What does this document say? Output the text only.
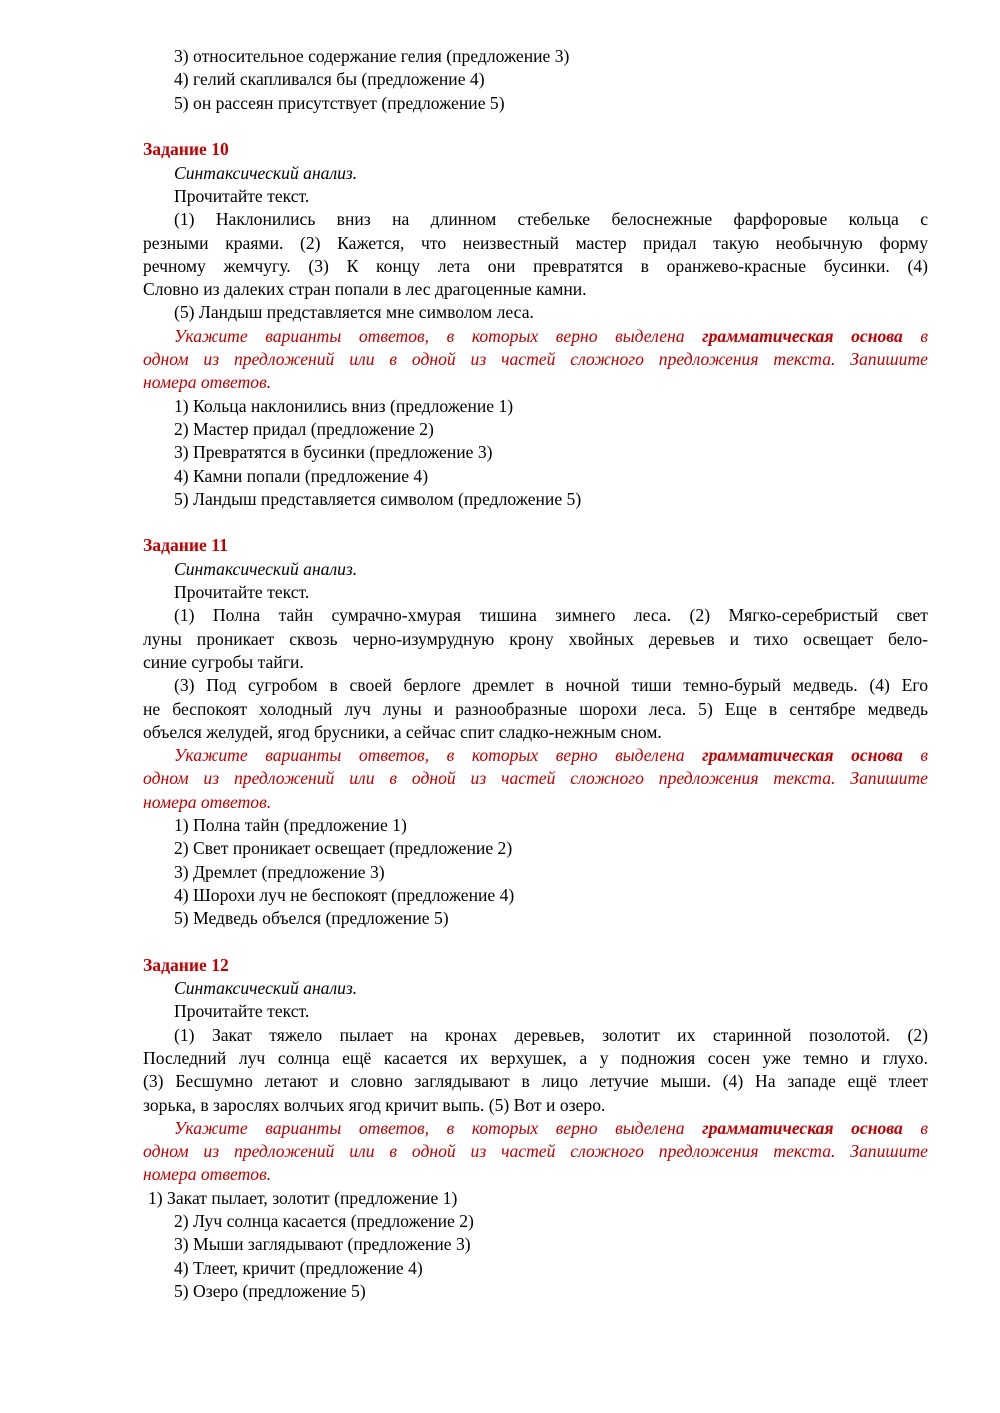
3) относительное содержание гелия (предложение 3)

4) гелий скапливался бы (предложение 4)

5) он рассеян присутствует (предложение 5)

Задание 10

Синтаксический анализ.

Прочитайте текст.

(1) Наклонились вниз на длинном стебельке белоснежные фарфоровые кольца с

резными краями. (2) Кажется, что неизвестный мастер придал такую необычную форму

речному жемчугу. (3) К концу лета они превратятся в оранжево-красные бусинки. (4)

Словно из далеких стран попали в лес драгоценные камни.

(5) Ландыш представляется мне символом леса.

Укажите варианты ответов, в которых верно выделена грамматическая основа в

одном из предложений или в одной из частей сложного предложения текста. Запишите

номера ответов.

1) Кольца наклонились вниз (предложение 1)

2) Мастер придал (предложение 2)

3) Превратятся в бусинки (предложение 3)

4) Камни попали (предложение 4)

5) Ландыш представляется символом (предложение 5)

Задание 11

Синтаксический анализ.

Прочитайте текст.

(1) Полна тайн сумрачно-хмурая тишина зимнего леса. (2) Мягко-серебристый свет

луны проникает сквозь черно-изумрудную крону хвойных деревьев и тихо освещает бело-

синие сугробы тайги.

(3) Под сугробом в своей берлоге дремлет в ночной тиши темно-бурый медведь. (4) Его

не беспокоят холодный луч луны и разнообразные шорохи леса. 5) Еще в сентябре медведь

объелся желудей, ягод брусники, а сейчас спит сладко-нежным сном.

Укажите варианты ответов, в которых верно выделена грамматическая основа в

одном из предложений или в одной из частей сложного предложения текста. Запишите

номера ответов.

1) Полна тайн (предложение 1)

2) Свет проникает освещает (предложение 2)

3) Дремлет (предложение 3)

4) Шорохи луч не беспокоят (предложение 4)

5) Медведь объелся (предложение 5)

Задание 12

Синтаксический анализ.

Прочитайте текст.

(1) Закат тяжело пылает на кронах деревьев, золотит их старинной позолотой. (2)

Последний луч солнца ещё касается их верхушек, а у подножия сосен уже темно и глухо.

(3) Бесшумно летают и словно заглядывают в лицо летучие мыши. (4) На западе ещё тлеет

зорька, в зарослях волчьих ягод кричит выпь. (5) Вот и озеро.

Укажите варианты ответов, в которых верно выделена грамматическая основа в

одном из предложений или в одной из частей сложного предложения текста. Запишите

номера ответов.

1) Закат пылает, золотит (предложение 1)

2) Луч солнца касается (предложение 2)

3) Мыши заглядывают (предложение 3)

4) Тлеет, кричит (предложение 4)

5) Озеро (предложение 5)
